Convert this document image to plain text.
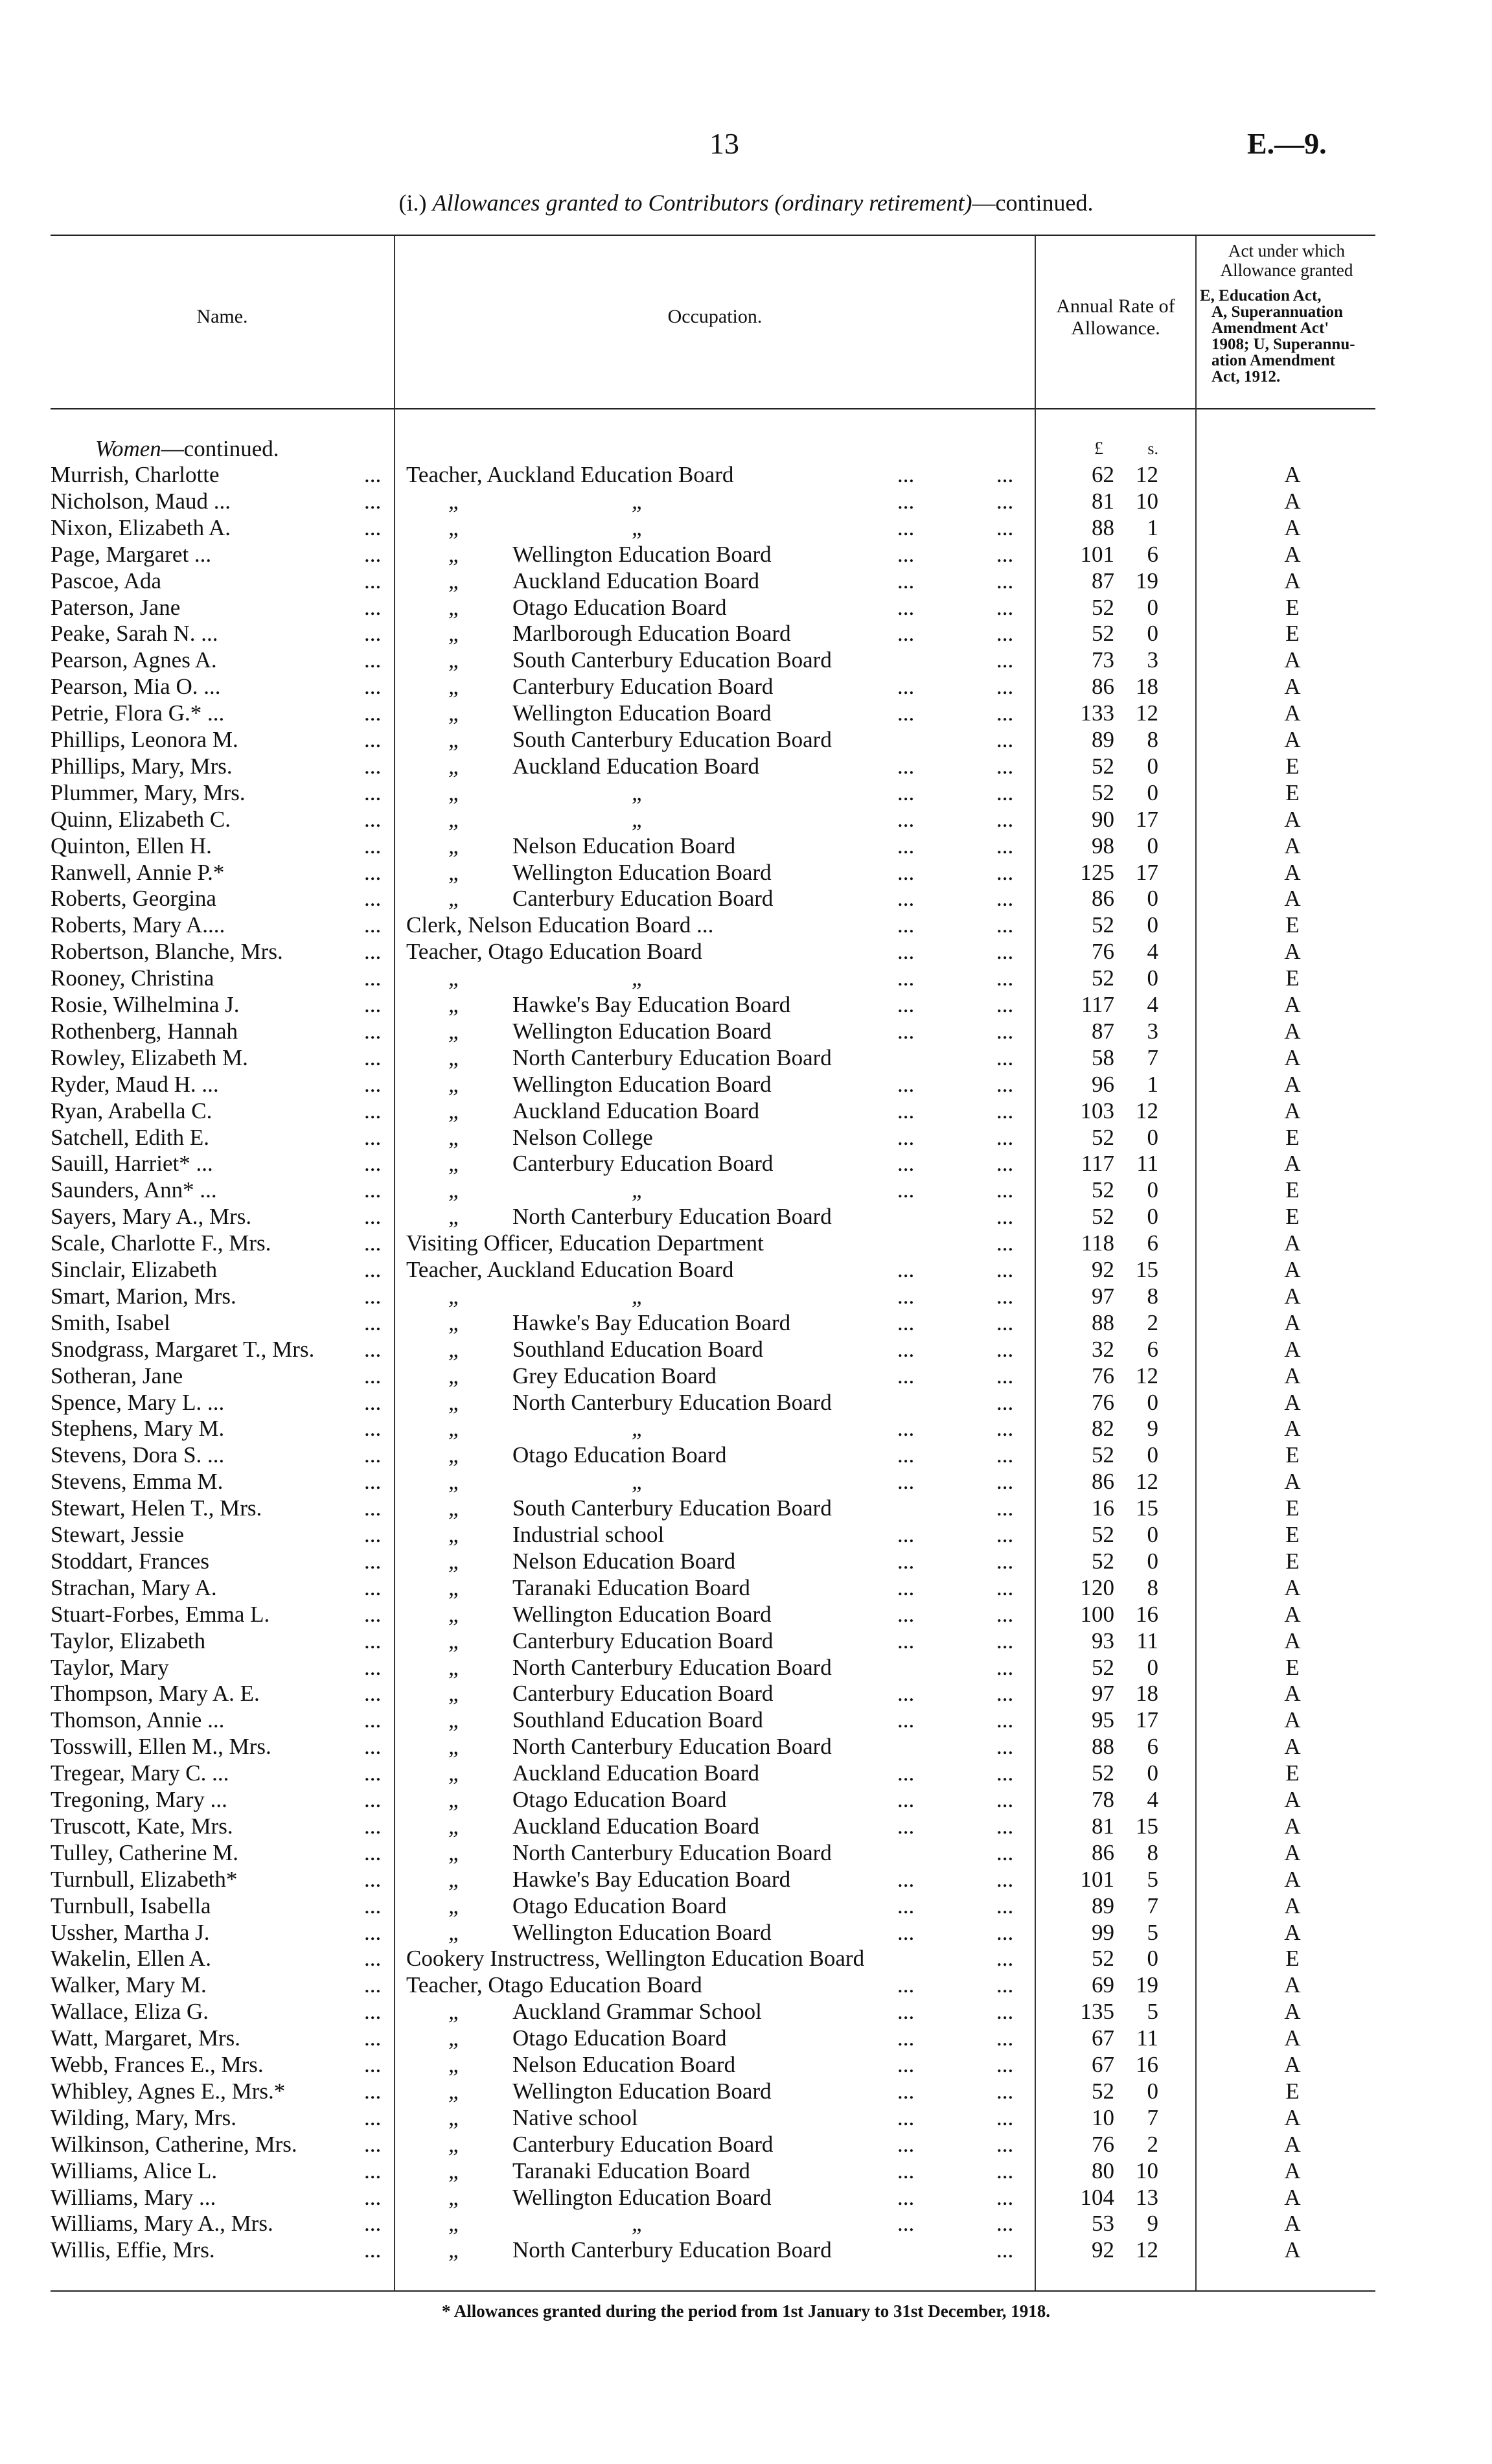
13	E.—9.
(i.) Allowances granted to Contributors (ordinary retirement)—continued.
Name.	Occupation.	Annual Rate of
Allowance.
Act under which
Allowance granted
E, Education Act,
A, Superannuation
Amendment Act'
1908; U, Superannu-
ation Amendment
Act, 1912.
Women—continued.	£	s.
Murrish, Charlotte	... Teacher, Auckland Education Board	...	...	62 12	A
Nicholson, Maud ...	...	„	„	...	...	81 10	A
Nixon, Elizabeth A.	...	„	„	...	...	88 1	A
Page, Margaret ...	...	„ Wellington Education Board	...	...	101 6	A
Pascoe, Ada	...	„ Auckland Education Board	...	...	87 19	A
Paterson, Jane	...	„ Otago Education Board	...	...	52 0	E
Peake, Sarah N. ...	...	„ Marlborough Education Board	...	...	52 0	E
Pearson, Agnes A.	...	„ South Canterbury Education Board	...	73 3	A
Pearson, Mia O. ...	...	„ Canterbury Education Board	...	...	86 18	A
Petrie, Flora G.* ...	...	„ Wellington Education Board	...	...	133 12	A
Phillips, Leonora M.	...	„ South Canterbury Education Board	...	89 8	A
Phillips, Mary, Mrs.	...	„ Auckland Education Board	...	...	52 0	E
Plummer, Mary, Mrs.	...	„	„	...	...	52 0	E
Quinn, Elizabeth C.	...	„	„	...	...	90 17	A
Quinton, Ellen H.	...	„ Nelson Education Board	...	...	98 0	A
Ranwell, Annie P.*	...	„ Wellington Education Board	...	...	125 17	A
Roberts, Georgina	...	„ Canterbury Education Board	...	...	86 0	A
Roberts, Mary A....	... Clerk, Nelson Education Board ...	...	...	52 0	E
Robertson, Blanche, Mrs.	... Teacher, Otago Education Board	...	...	76 4	A
Rooney, Christina	...	„	„	...	...	52 0	E
Rosie, Wilhelmina J.	...	„ Hawke's Bay Education Board	...	...	117 4	A
Rothenberg, Hannah	...	„ Wellington Education Board	...	...	87 3	A
Rowley, Elizabeth M.	...	„ North Canterbury Education Board	...	58 7	A
Ryder, Maud H. ...	...	„ Wellington Education Board	...	...	96 1	A
Ryan, Arabella C.	...	„ Auckland Education Board	...	...	103 12	A
Satchell, Edith E.	...	„ Nelson College	...	...	52 0	E
Sauill, Harriet* ...	...	„ Canterbury Education Board	...	...	117 11	A
Saunders, Ann* ...	...	„	„	...	...	52 0	E
Sayers, Mary A., Mrs.	...	„ North Canterbury Education Board	...	52 0	E
Scale, Charlotte F., Mrs.	... Visiting Officer, Education Department	...	118 6	A
Sinclair, Elizabeth	... Teacher, Auckland Education Board	...	...	92 15	A
Smart, Marion, Mrs.	...	„	„	...	...	97 8	A
Smith, Isabel	...	„ Hawke's Bay Education Board	...	...	88 2	A
Snodgrass, Margaret T., Mrs. ...	„ Southland Education Board	...	...	32 6	A
Sotheran, Jane	...	„ Grey Education Board	...	...	76 12	A
Spence, Mary L. ...	...	„ North Canterbury Education Board	...	76 0	A
Stephens, Mary M.	...	„	„	...	...	82 9	A
Stevens, Dora S. ...	...	„ Otago Education Board	...	...	52 0	E
Stevens, Emma M.	...	„	„	...	...	86 12	A
Stewart, Helen T., Mrs.	...	„ South Canterbury Education Board	...	16 15	E
Stewart, Jessie	...	„ Industrial school	...	...	52 0	E
Stoddart, Frances	...	„ Nelson Education Board	...	...	52 0	E
Strachan, Mary A.	...	„ Taranaki Education Board	...	...	120 8	A
Stuart-Forbes, Emma L.	...	„ Wellington Education Board	...	...	100 16	A
Taylor, Elizabeth	...	„ Canterbury Education Board	...	...	93 11	A
Taylor, Mary	...	„ North Canterbury Education Board	...	52 0	E
Thompson, Mary A. E.	...	„ Canterbury Education Board	...	...	97 18	A
Thomson, Annie ...	...	„ Southland Education Board	...	...	95 17	A
Tosswill, Ellen M., Mrs.	...	„ North Canterbury Education Board	...	88 6	A
Tregear, Mary C. ...	...	„ Auckland Education Board	...	...	52 0	E
Tregoning, Mary ...	...	„ Otago Education Board	...	...	78 4	A
Truscott, Kate, Mrs.	...	„ Auckland Education Board	...	...	81 15	A
Tulley, Catherine M.	...	„ North Canterbury Education Board	...	86 8	A
Turnbull, Elizabeth*	...	„ Hawke's Bay Education Board	...	...	101 5	A
Turnbull, Isabella	...	„ Otago Education Board	...	...	89 7	A
Ussher, Martha J.	...	„ Wellington Education Board	...	...	99 5	A
Wakelin, Ellen A.	... Cookery Instructress, Wellington Education Board	...	52 0	E
Walker, Mary M.	... Teacher, Otago Education Board	...	...	69 19	A
Wallace, Eliza G.	...	„ Auckland Grammar School	...	...	135 5	A
Watt, Margaret, Mrs.	...	„ Otago Education Board	...	...	67 11	A
Webb, Frances E., Mrs.	...	„ Nelson Education Board	...	...	67 16	A
Whibley, Agnes E., Mrs.*	...	„ Wellington Education Board	...	...	52 0	E
Wilding, Mary, Mrs.	...	„ Native school	...	...	10 7	A
Wilkinson, Catherine, Mrs.	...	„ Canterbury Education Board	...	...	76 2	A
Williams, Alice L.	...	„ Taranaki Education Board	...	...	80 10	A
Williams, Mary ...	...	„ Wellington Education Board	...	...	104 13	A
Williams, Mary A., Mrs.	...	„	„	...	...	53 9	A
Willis, Effie, Mrs.	...	„ North Canterbury Education Board	...	92 12	A
* Allowances granted during the period from 1st January to 31st December, 1918.
